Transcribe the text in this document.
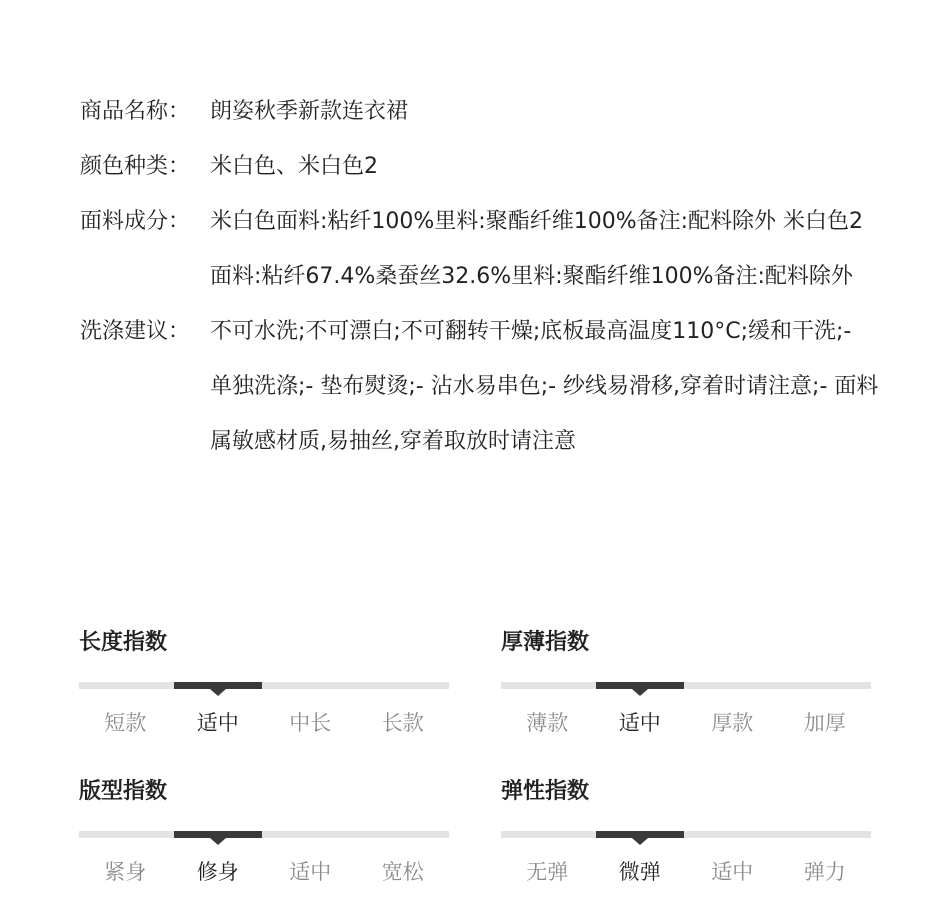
商品名称： 朗姿秋季新款连衣裙
颜色种类： 米白色、米白色2
面料成分： 米白色面料:粘纤100%里料:聚酯纤维100%备注:配料除外 米白色2面料:粘纤67.4%桑蚕丝32.6%里料:聚酯纤维100%备注:配料除外
洗涤建议： 不可水洗;不可漂白;不可翻转干燥;底板最高温度110°C;缓和干洗;- 单独洗涤;- 垫布熨烫;- 沾水易串色;- 纱线易滑移,穿着时请注意;- 面料属敏感材质,易抽丝,穿着取放时请注意
长度指数
短款	适中	中长	长款
厚薄指数
薄款	适中	厚款	加厚
版型指数
紧身	修身	适中	宽松
弹性指数
无弹	微弹	适中	弹力
